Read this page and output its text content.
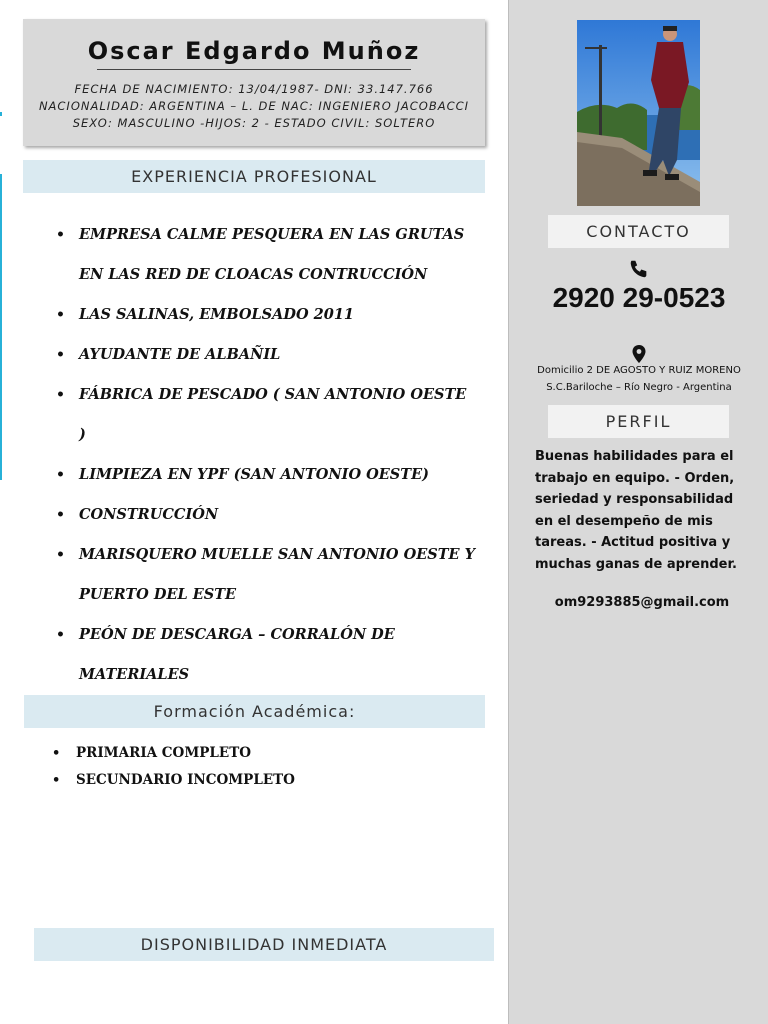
Oscar Edgardo Muñoz
FECHA DE NACIMIENTO: 13/04/1987- DNI: 33.147.766
NACIONALIDAD: ARGENTINA – L. DE NAC: INGENIERO JACOBACCI
SEXO: MASCULINO -HIJOS: 2 - ESTADO CIVIL: SOLTERO
EXPERIENCIA PROFESIONAL
• EMPRESA CALME PESQUERA EN LAS GRUTAS EN LAS RED DE CLOACAS CONTRUCCIÓN
• LAS SALINAS, EMBOLSADO 2011
• AYUDANTE DE ALBAÑIL
• FÁBRICA DE PESCADO ( SAN ANTONIO OESTE )
• LIMPIEZA EN YPF (SAN ANTONIO OESTE)
• CONSTRUCCIÓN
• MARISQUERO MUELLE SAN ANTONIO OESTE Y PUERTO DEL ESTE
• PEÓN DE DESCARGA – CORRALÓN DE MATERIALES
Formación Académica:
• PRIMARIA COMPLETO
• SECUNDARIO INCOMPLETO
DISPONIBILIDAD INMEDIATA
CONTACTO
2920 29-0523
Domicilio 2 DE AGOSTO Y RUIZ MORENO
S.C.Bariloche – Río Negro - Argentina
PERFIL
Buenas habilidades para el trabajo en equipo. - Orden, seriedad y responsabilidad en el desempeño de mis tareas. - Actitud positiva y muchas ganas de aprender.
om9293885@gmail.com
